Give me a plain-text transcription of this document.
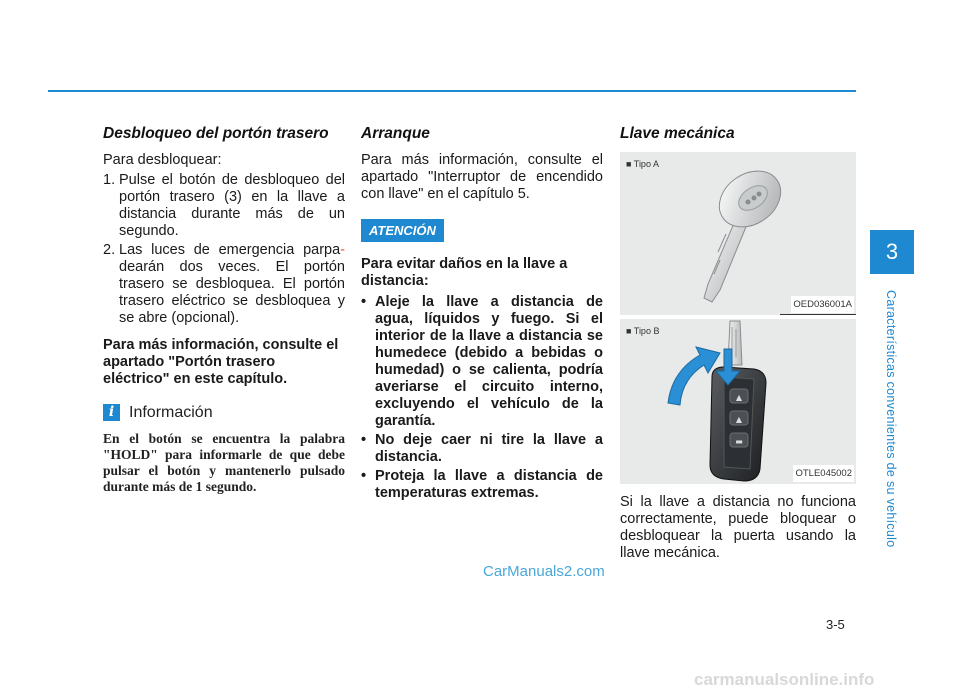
Desbloqueo del portón trasero

Para desbloquear:

1. Pulse el botón de desbloqueo del portón trasero (3) en la llave a distancia durante más de un segundo.
2. Las luces de emergencia parpa-dearán dos veces. El portón trasero se desbloquea. El portón trasero eléctrico se desbloquea y se abre (opcional).

Para más información, consulte el apartado "Portón trasero eléctrico" en este capítulo.

i Información

En el botón se encuentra la palabra "HOLD" para informarle de que debe pulsar el botón y mantenerlo pulsado durante más de 1 segundo.

Arranque

Para más información, consulte el apartado "Interruptor de encendido con llave" en el capítulo 5.

ATENCIÓN

Para evitar daños en la llave a distancia:

• Aleje la llave a distancia de agua, líquidos y fuego. Si el interior de la llave a distancia se humedece (debido a bebidas o humedad) o se calienta, podría averiarse el circuito interno, excluyendo el vehículo de la garantía.
• No deje caer ni tire la llave a distancia.
• Proteja la llave a distancia de temperaturas extremas.
Llave mecánica
■ Tipo A
OED036001A
■ Tipo B
▲
▲
▬
OTLE045002

Si la llave a distancia no funciona correctamente, puede bloquear o desbloquear la puerta usando la llave mecánica.

3
Características convenientes de su vehículo
3-5
CarManuals2.com
carmanualsonline.info
